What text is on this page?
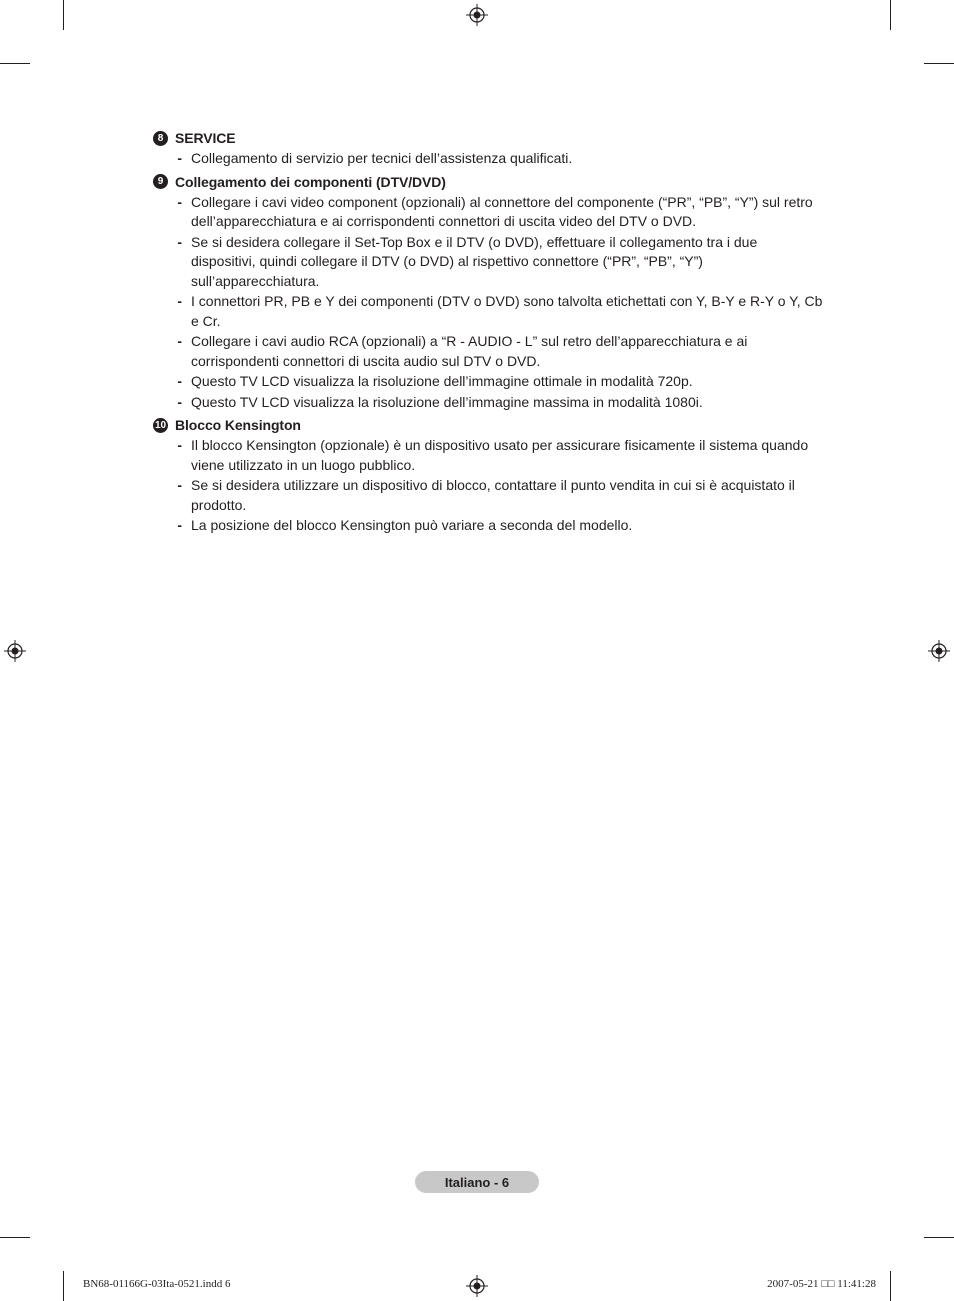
8 SERVICE
- Collegamento di servizio per tecnici dell’assistenza qualificati.
9 Collegamento dei componenti (DTV/DVD)
- Collegare i cavi video component (opzionali) al connettore del componente (“PR”, “PB”, “Y”) sul retro dell’apparecchiatura e ai corrispondenti connettori di uscita video del DTV o DVD.
- Se si desidera collegare il Set-Top Box e il DTV (o DVD), effettuare il collegamento tra i due dispositivi, quindi collegare il DTV (o DVD) al rispettivo connettore (“PR”, “PB”, “Y”) sull’apparecchiatura.
- I connettori PR, PB e Y dei componenti (DTV o DVD) sono talvolta etichettati con Y, B-Y e R-Y o Y, Cb e Cr.
- Collegare i cavi audio RCA (opzionali) a “R - AUDIO - L” sul retro dell’apparecchiatura e ai corrispondenti connettori di uscita audio sul DTV o DVD.
- Questo TV LCD visualizza la risoluzione dell’immagine ottimale in modalità 720p.
- Questo TV LCD visualizza la risoluzione dell’immagine massima in modalità 1080i.
10 Blocco Kensington
- Il blocco Kensington (opzionale) è un dispositivo usato per assicurare fisicamente il sistema quando viene utilizzato in un luogo pubblico.
- Se si desidera utilizzare un dispositivo di blocco, contattare il punto vendita in cui si è acquistato il prodotto.
- La posizione del blocco Kensington può variare a seconda del modello.
Italiano - 6
BN68-01166G-03Ita-0521.indd 6	2007-05-21 □□ 11:41:28
